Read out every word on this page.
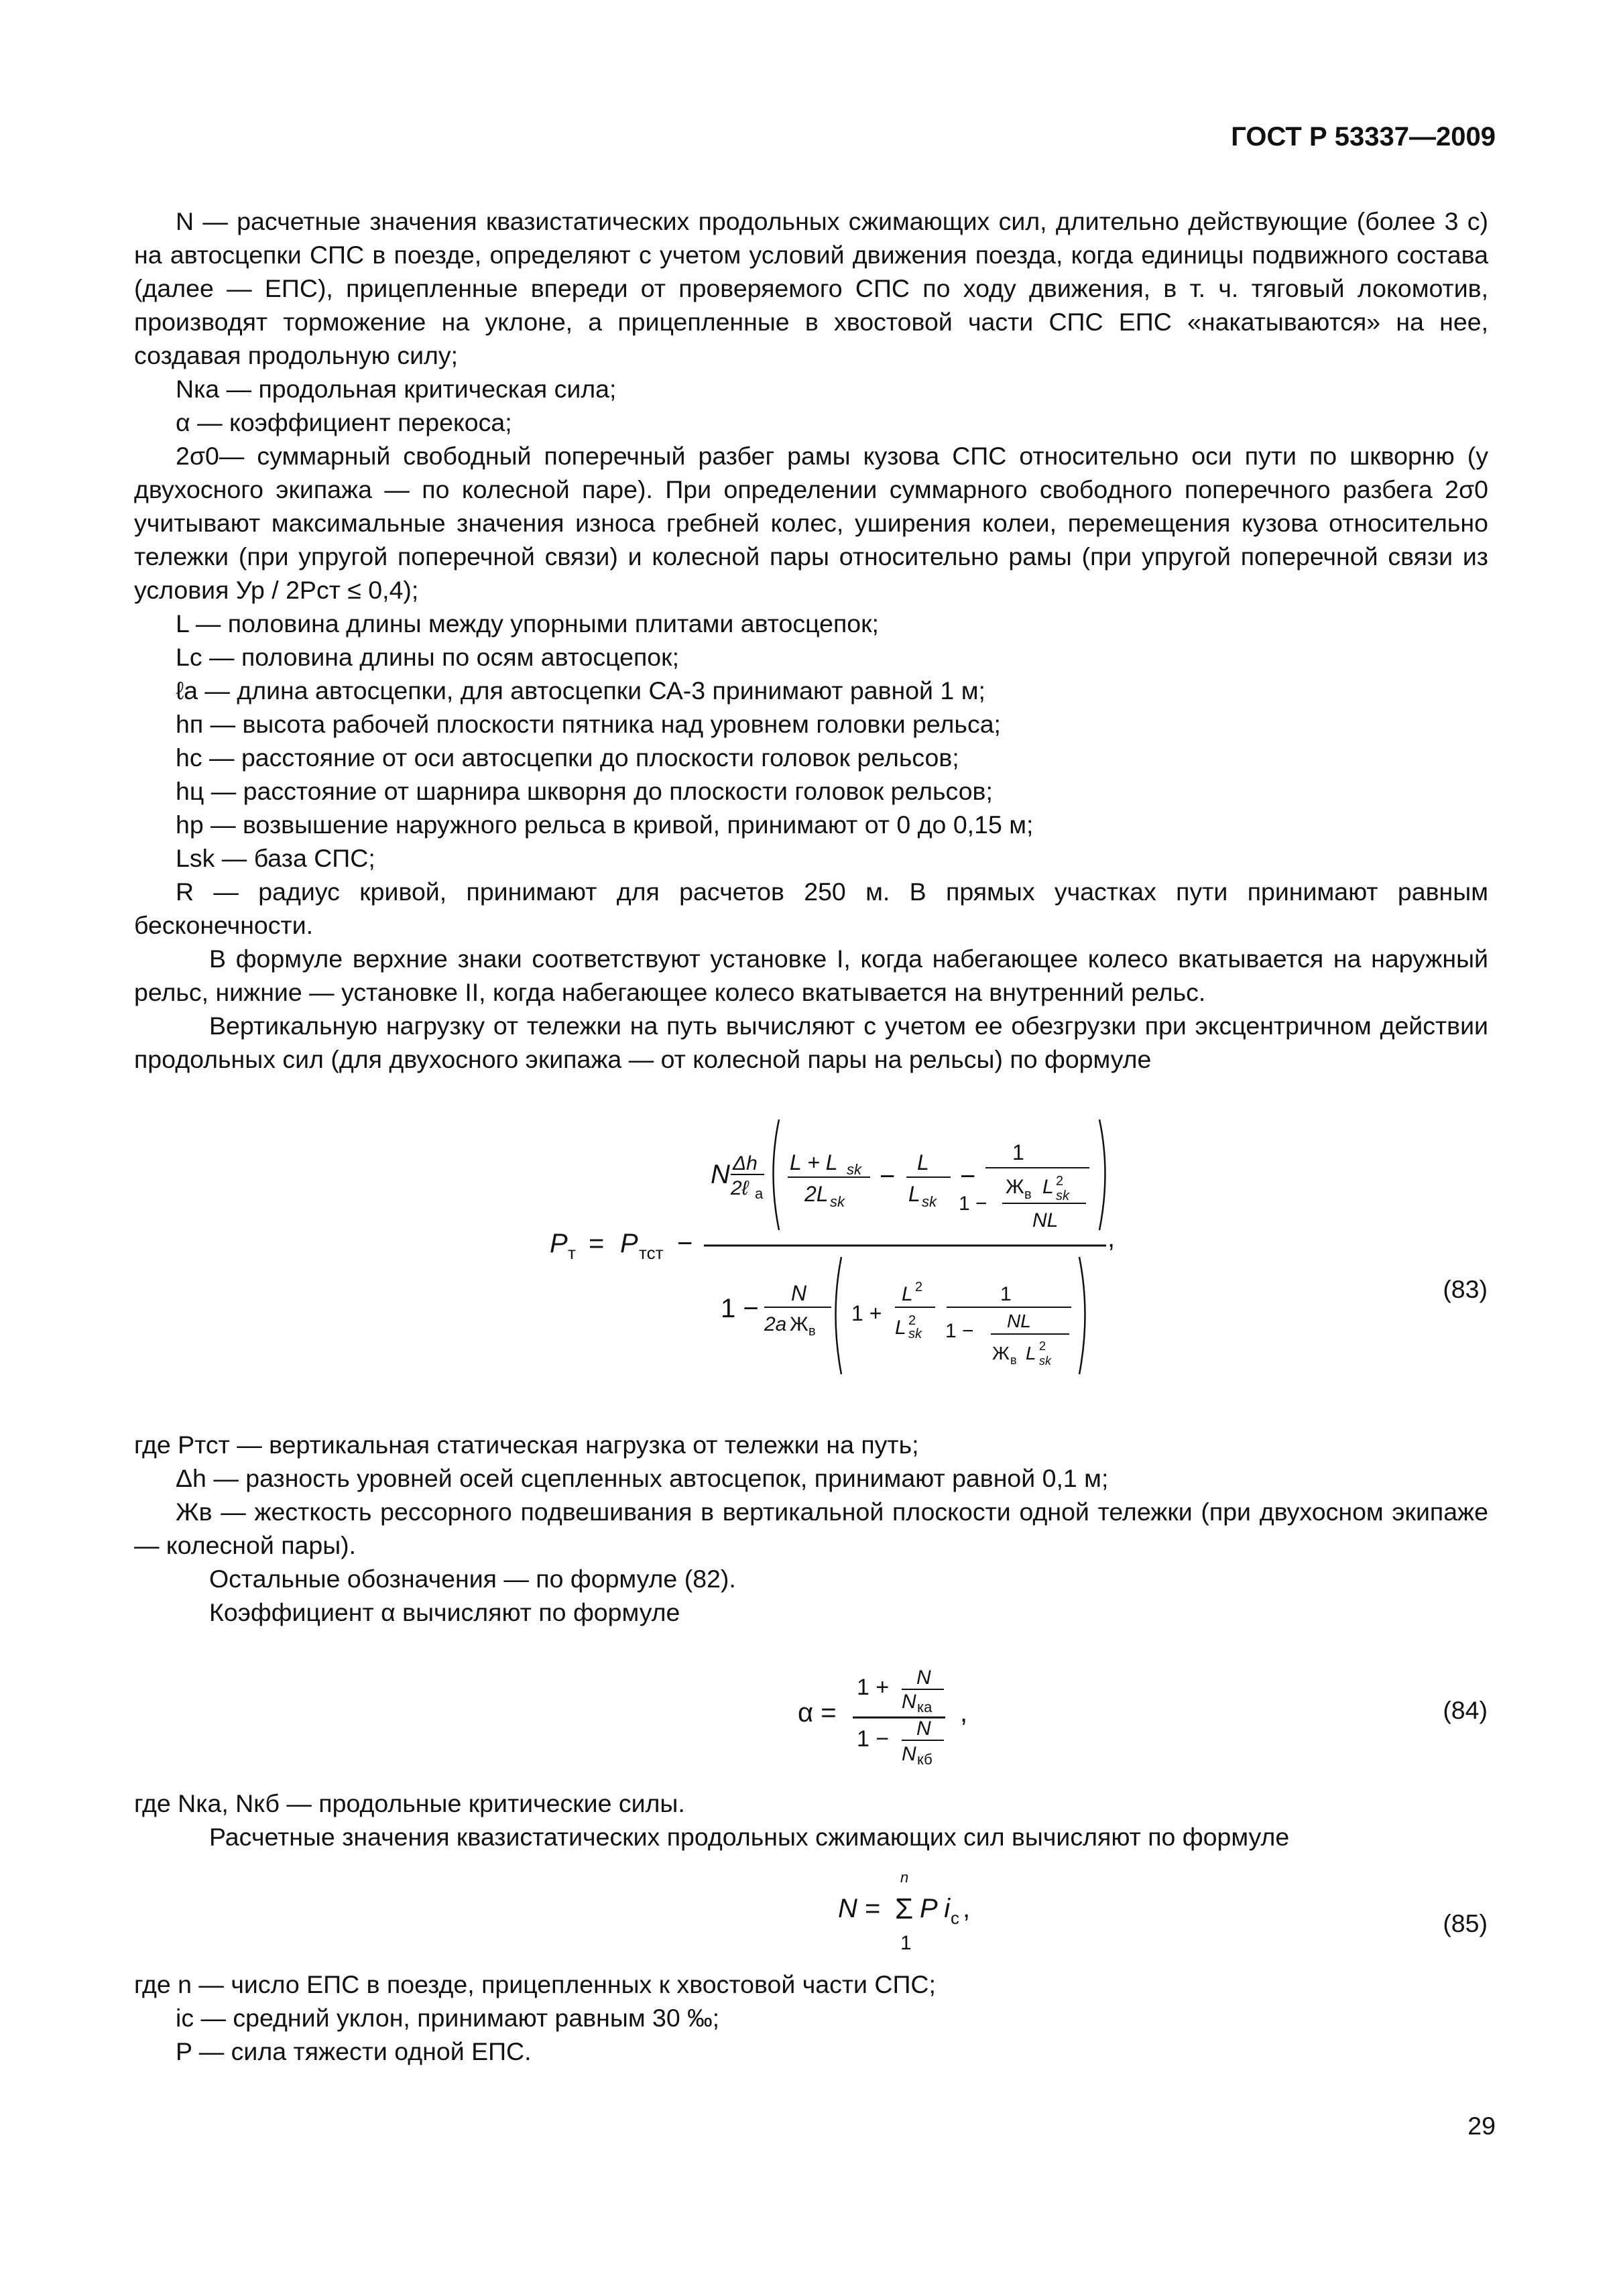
ГОСТ Р 53337—2009

N — расчетные значения квазистатических продольных сжимающих сил, длительно действующие (более 3 с) на автосцепки СПС в поезде, определяют с учетом условий движения поезда, когда единицы подвижного состава (далее — ЕПС), прицепленные впереди от проверяемого СПС по ходу движения, в т. ч. тяговый локомотив, производят торможение на уклоне, а прицепленные в хвостовой части СПС ЕПС «накатываются» на нее, создавая продольную силу;

Nка — продольная критическая сила;

α — коэффициент перекоса;

2σ0— суммарный свободный поперечный разбег рамы кузова СПС относительно оси пути по шкворню (у двухосного экипажа — по колесной паре). При определении суммарного свободного поперечного разбега 2σ0 учитывают максимальные значения износа гребней колес, уширения колеи, перемещения кузова относительно тележки (при упругой поперечной связи) и колесной пары относительно рамы (при упругой поперечной связи из условия Ур / 2Pст ≤ 0,4);

L — половина длины между упорными плитами автосцепок;

Lс — половина длины по осям автосцепок;

ℓа — длина автосцепки, для автосцепки СА-3 принимают равной 1 м;

hп — высота рабочей плоскости пятника над уровнем головки рельса;

hс — расстояние от оси автосцепки до плоскости головок рельсов;

hц — расстояние от шарнира шкворня до плоскости головок рельсов;

hр — возвышение наружного рельса в кривой, принимают от 0 до 0,15 м;

Lsk — база СПС;

R — радиус кривой, принимают для расчетов 250 м. В прямых участках пути принимают равным бесконечности.

В формуле верхние знаки соответствуют установке I, когда набегающее колесо вкатывается на наружный рельс, нижние — установке II, когда набегающее колесо вкатывается на внутренний рельс.

Вертикальную нагрузку от тележки на путь вычисляют с учетом ее обезгрузки при эксцентричном действии продольных сил (для двухосного экипажа — от колесной пары на рельсы) по формуле

P т = P тст −	,
N Δh
2ℓ а
L + L sk
2L sk
− L
L sk
−
1
1 −
Ж в L 2
sk
NL
1 −
N
2a Ж в
1 +
L 2
L 2
sk
1
1 − NL
Ж в L 2
sk
(83)

где Pтст — вертикальная статическая нагрузка от тележки на путь;

Δh — разность уровней осей сцепленных автосцепок, принимают равной 0,1 м;

Жв — жесткость рессорного подвешивания в вертикальной плоскости одной тележки (при двухосном экипаже — колесной пары).

Остальные обозначения — по формуле (82).

Коэффициент α вычисляют по формуле

α =
1 + N
N ка
1 − N
N кб
,	(84)

где Nка, Nкб — продольные критические силы.

Расчетные значения квазистатических продольных сжимающих сил вычисляют по формуле

N =
n
Σ
1
P i с ,	(85)

где n — число ЕПС в поезде, прицепленных к хвостовой части СПС;

iс — средний уклон, принимают равным 30 ‰;

P — сила тяжести одной ЕПС.

29
